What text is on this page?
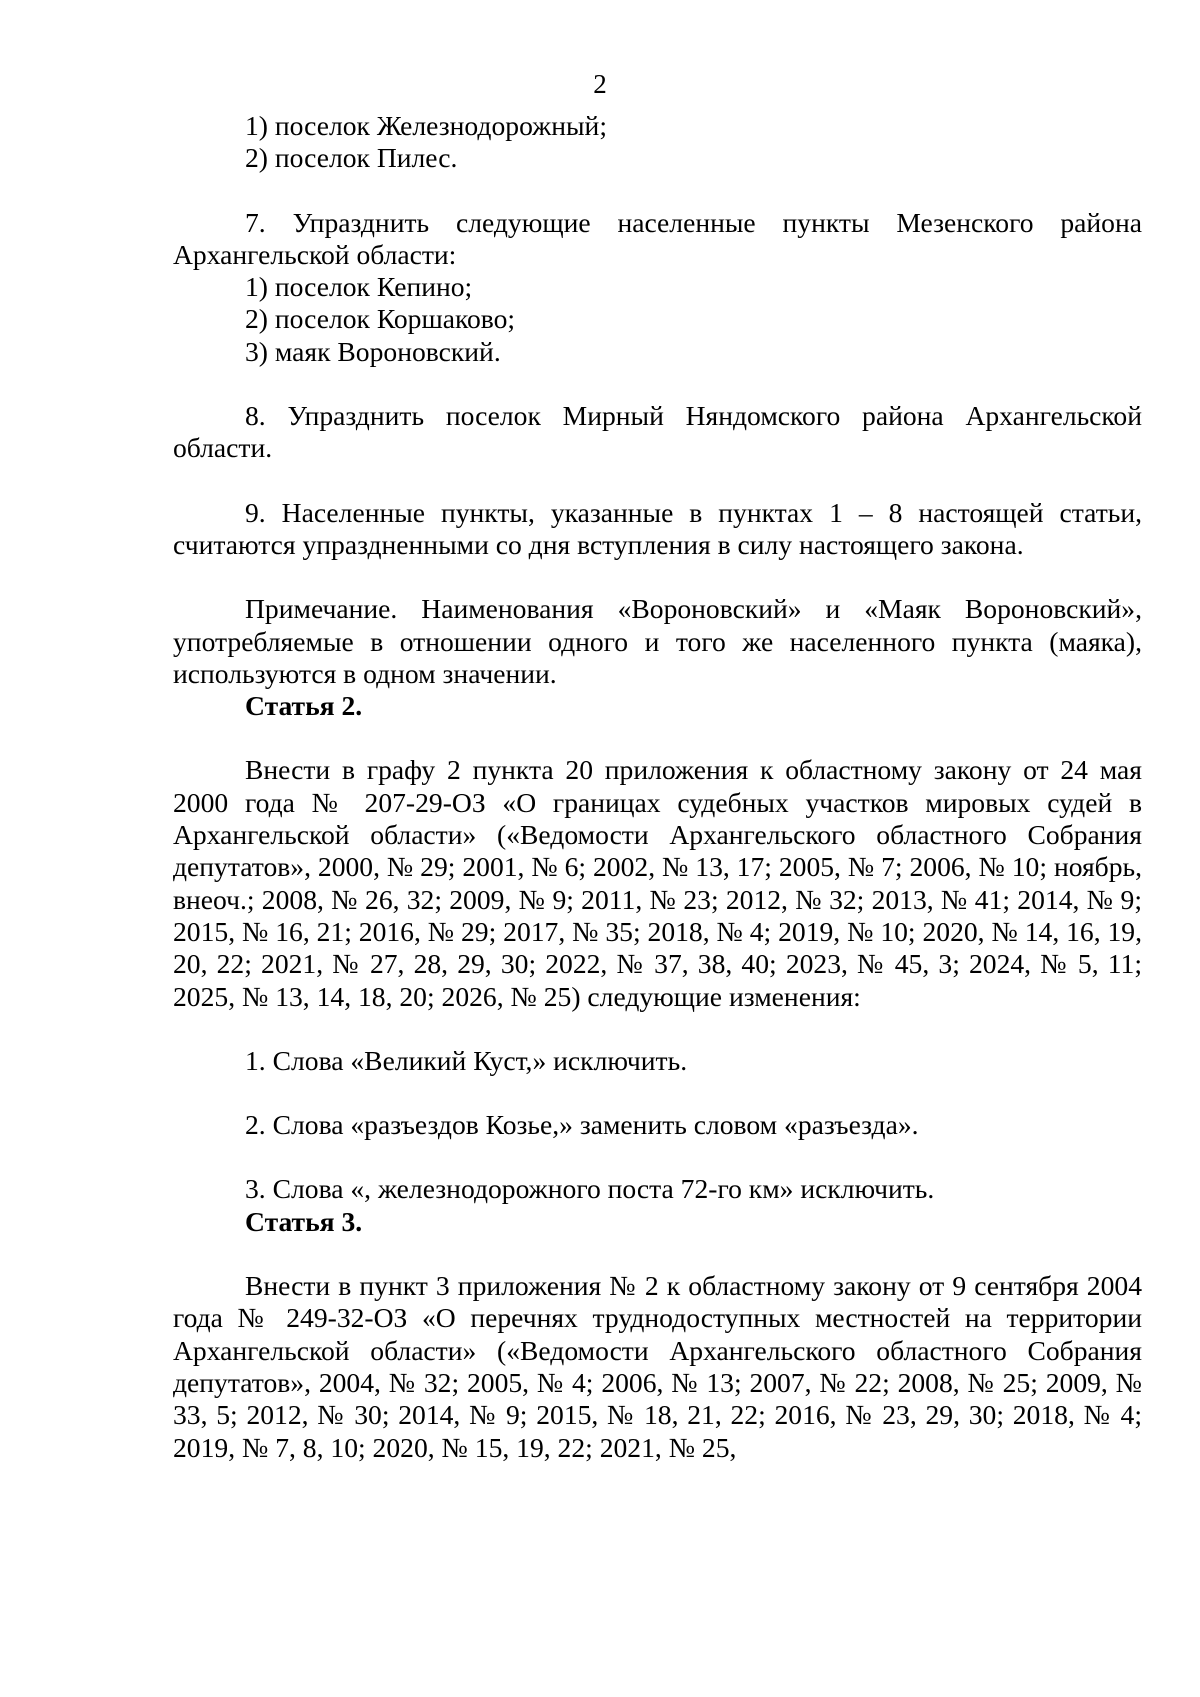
2
1) поселок Железнодорожный;
2) поселок Пилес.
7. Упразднить следующие населенные пункты Мезенского района Архангельской области:
1) поселок Кепино;
2) поселок Коршаково;
3) маяк Вороновский.
8. Упразднить поселок Мирный Няндомского района Архангельской области.
9. Населенные пункты, указанные в пунктах 1 – 8 настоящей статьи, считаются упраздненными со дня вступления в силу настоящего закона.
Примечание. Наименования «Вороновский» и «Маяк Вороновский», употребляемые в отношении одного и того же населенного пункта (маяка), используются в одном значении.
Статья 2.
Внести в графу 2 пункта 20 приложения к областному закону от 24 мая 2000 года № 207-29-ОЗ «О границах судебных участков мировых судей в Архангельской области» («Ведомости Архангельского областного Собрания депутатов», 2000, № 29; 2001, № 6; 2002, № 13, 17; 2005, № 7; 2006, № 10; ноябрь, внеоч.; 2008, № 26, 32; 2009, № 9; 2011, № 23; 2012, № 32; 2013, № 41; 2014, № 9; 2015, № 16, 21; 2016, № 29; 2017, № 35; 2018, № 4; 2019, № 10; 2020, № 14, 16, 19, 20, 22; 2021, № 27, 28, 29, 30; 2022, № 37, 38, 40; 2023, № 45, 3; 2024, № 5, 11; 2025, № 13, 14, 18, 20; 2026, № 25) следующие изменения:
1. Слова «Великий Куст,» исключить.
2. Слова «разъездов Козье,» заменить словом «разъезда».
3. Слова «, железнодорожного поста 72-го км» исключить.
Статья 3.
Внести в пункт 3 приложения № 2 к областному закону от 9 сентября 2004 года № 249-32-ОЗ «О перечнях труднодоступных местностей на территории Архангельской области» («Ведомости Архангельского областного Собрания депутатов», 2004, № 32; 2005, № 4; 2006, № 13; 2007, № 22; 2008, № 25; 2009, № 33, 5; 2012, № 30; 2014, № 9; 2015, № 18, 21, 22; 2016, № 23, 29, 30; 2018, № 4; 2019, № 7, 8, 10; 2020, № 15, 19, 22; 2021, № 25,
